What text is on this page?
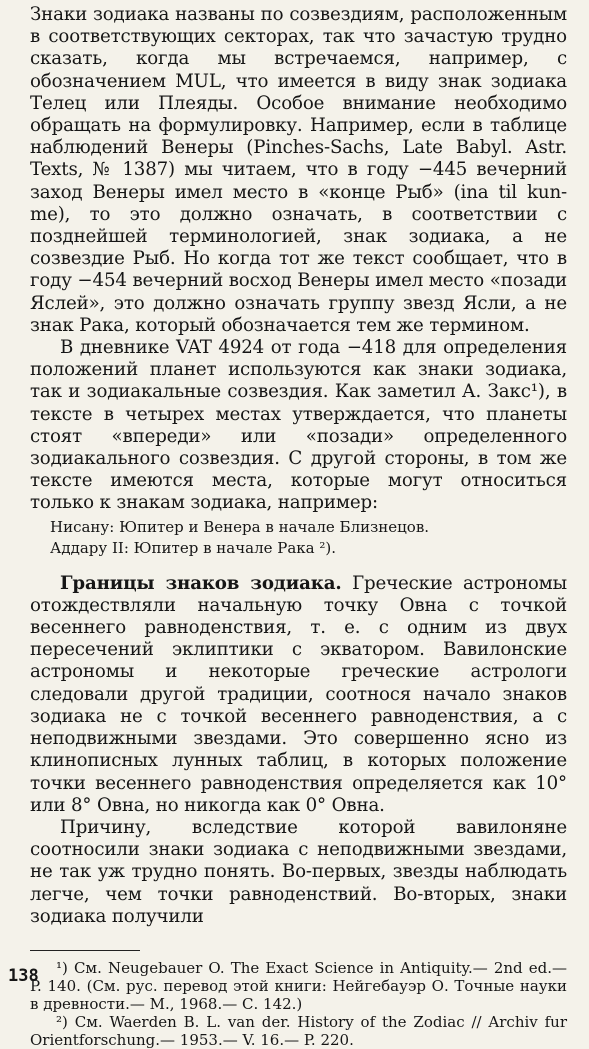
Знаки зодиака названы по созвездиям, расположенным в соответствующих секторах, так что зачастую трудно сказать, когда мы встречаемся, например, с обозначением MUL, что имеется в виду знак зодиака Телец или Плеяды. Особое внимание необходимо обращать на формулировку. Например, если в таблице наблюдений Венеры (Pinches-Sachs, Late Babyl. Astr. Texts, № 1387) мы читаем, что в году −445 вечерний заход Венеры имел место в «конце Рыб» (ina til kun-me), то это должно означать, в соответствии с позднейшей терминологией, знак зодиака, а не созвездие Рыб. Но когда тот же текст сообщает, что в году −454 вечерний восход Венеры имел место «позади Яслей», это должно означать группу звезд Ясли, а не знак Рака, который обозначается тем же термином.

В дневнике VAT 4924 от года −418 для определения положений планет используются как знаки зодиака, так и зодиакальные созвездия. Как заметил А. Закс¹), в тексте в четырех местах утверждается, что планеты стоят «впереди» или «позади» определенного зодиакального созвездия. С другой стороны, в том же тексте имеются места, которые могут относиться только к знакам зодиака, например:

Нисану: Юпитер и Венера в начале Близнецов.

Аддару II: Юпитер в начале Рака ²).

Границы знаков зодиака. Греческие астрономы отождествляли начальную точку Овна с точкой весеннего равноденствия, т. е. с одним из двух пересечений эклиптики с экватором. Вавилонские астрономы и некоторые греческие астрологи следовали другой традиции, соотнося начало знаков зодиака не с точкой весеннего равноденствия, а с неподвижными звездами. Это совершенно ясно из клинописных лунных таблиц, в которых положение точки весеннего равноденствия определяется как 10° или 8° Овна, но никогда как 0° Овна.

Причину, вследствие которой вавилоняне соотносили знаки зодиака с неподвижными звездами, не так уж трудно понять. Во-первых, звезды наблюдать легче, чем точки равноденствий. Во-вторых, знаки зодиака получили

¹) См. Neugebauer O. The Exact Science in Antiquity.— 2nd ed.— P. 140. (См. рус. перевод этой книги: Нейгебауэр О. Точные науки в древности.— М., 1968.— С. 142.)

²) См. Waerden B. L. van der. History of the Zodiac // Archiv fur Orientforschung.— 1953.— V. 16.— P. 220.

138
